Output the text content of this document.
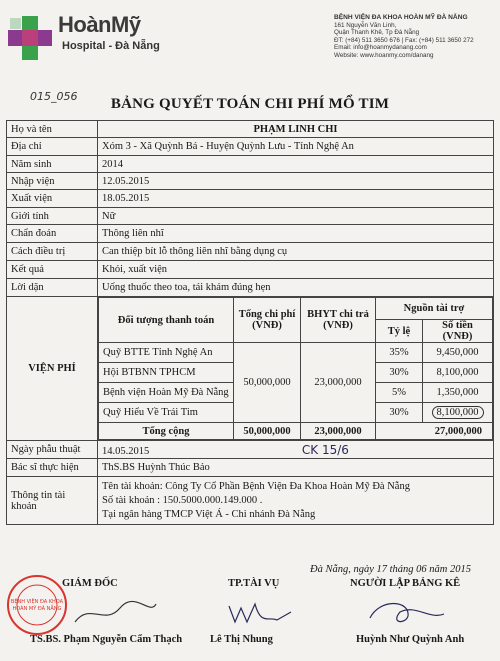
HoànMỹ
Hospital - Đà Nẵng
BỆNH VIỆN ĐA KHOA HOÀN MỸ ĐÀ NẴNG
161 Nguyễn Văn Linh,
Quận Thanh Khê, Tp Đà Nẵng
ĐT: (+84) 511 3650 676 | Fax: (+84) 511 3650 272
Email: info@hoanmydanang.com
Website: www.hoanmy.com/danang
015_056	BẢNG QUYẾT TOÁN CHI PHÍ MỔ TIM
Họ và tên	PHẠM LINH CHI
Địa chỉ	Xóm 3 - Xã Quỳnh Bá - Huyện Quỳnh Lưu - Tỉnh Nghệ An
Năm sinh	2014
Nhập viện	12.05.2015
Xuất viện	18.05.2015
Giới tính	Nữ
Chẩn đoán	Thông liên nhĩ
Cách điều trị	Can thiệp bít lỗ thông liên nhĩ bằng dụng cụ
Kết quả	Khỏi, xuất viện
Lời dặn	Uống thuốc theo toa, tái khám đúng hẹn
VIỆN PHÍ	
Đối tượng thanh toán	Tổng chi phí (VNĐ)	BHYT chi trả (VNĐ)	Nguồn tài trợ
Tỷ lệ	Số tiền (VNĐ)
Quỹ BTTE Tỉnh Nghệ An	50,000,000	23,000,000	35%	9,450,000
Hội BTBNN TPHCM	30%	8,100,000
Bệnh viện Hoàn Mỹ Đà Nẵng	5%	1,350,000
Quỹ Hiểu Về Trái Tim	30%	8,100,000
Tổng cộng	50,000,000	23,000,000	27,000,000

Ngày phẫu thuật	14.05.2015	CK 15/6
Bác sĩ thực hiện	ThS.BS Huỳnh Thúc Bảo
Thông tin tài khoản	
Tên tài khoản: Công Ty Cổ Phần Bệnh Viện Đa Khoa Hoàn Mỹ Đà Nẵng
Số tài khoản : 150.5000.000.149.000 .
Tại ngân hàng TMCP Việt Á - Chi nhánh Đà Nẵng
Đà Nẵng, ngày 17 tháng 06 năm 2015
GIÁM ĐỐC	TP.TÀI VỤ	NGƯỜI LẬP BẢNG KÊ
BỆNH VIỆN ĐA KHOA
HOÀN MỸ ĐÀ NẴNG
TS.BS. Phạm Nguyễn Cẩm Thạch	Lê Thị Nhung	Huỳnh Như Quỳnh Anh
